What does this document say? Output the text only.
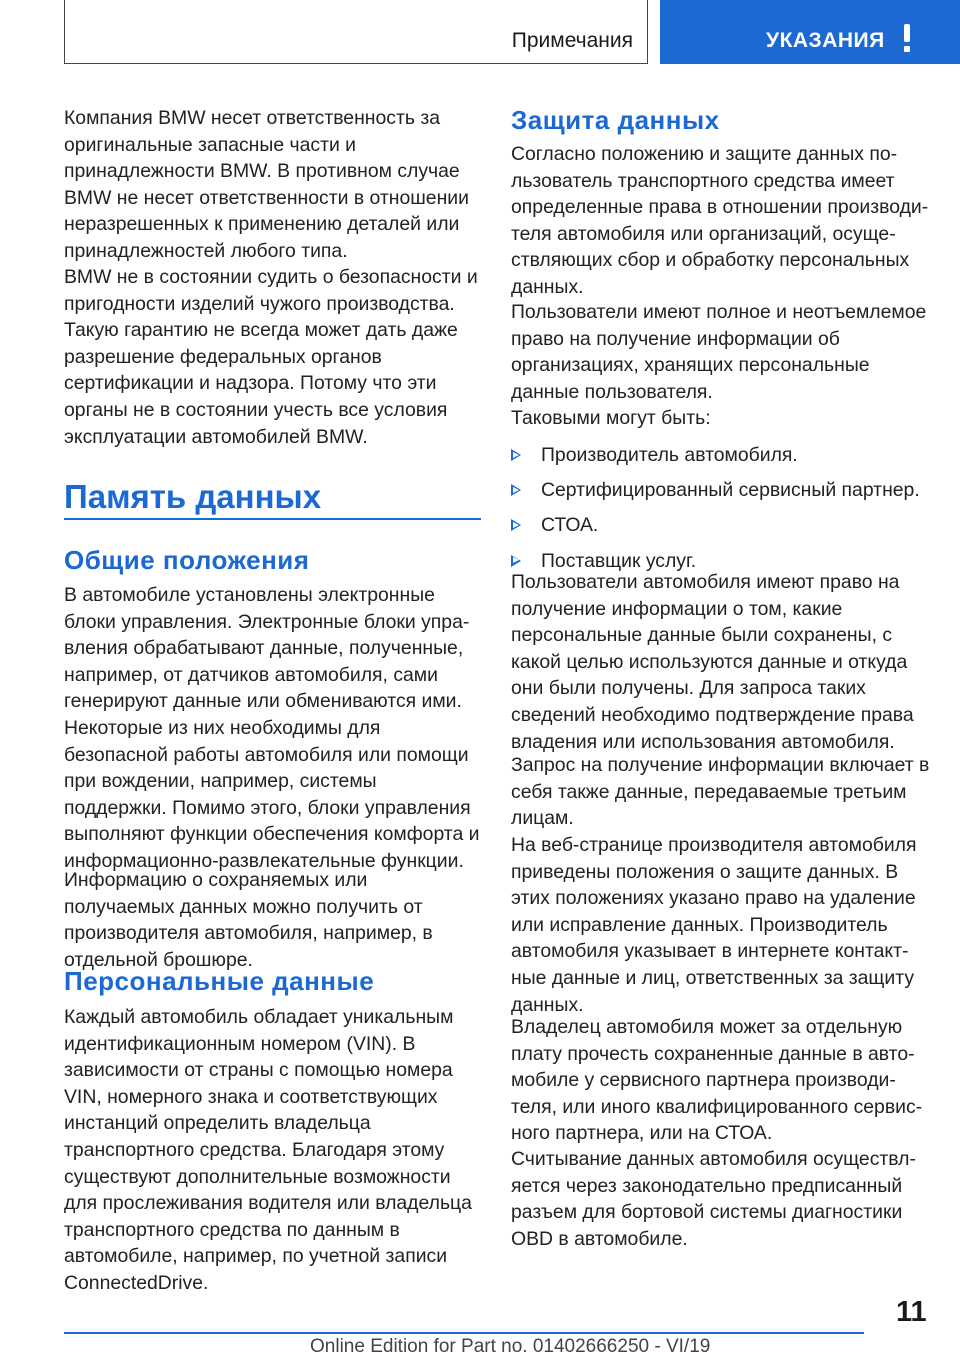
Примечания	УКАЗАНИЯ

Компания BMW несет ответственность за оригинальные запасные части и принадлежности BMW. В противном случае BMW не несет ответственности в отношении неразрешенных к применению деталей или принадлежностей любого типа.

BMW не в состоянии судить о безопасности и пригодности изделий чужого производства. Такую гарантию не всегда может дать даже разрешение федеральных органов сертификации и надзора. Потому что эти органы не в состоянии учесть все условия эксплуатации автомобилей BMW.

Память данных
Общие положения

В автомобиле установлены электронные блоки управления. Электронные блоки управления обрабатывают данные, полученные, например, от датчиков автомобиля, сами генерируют данные или обмениваются ими. Некоторые из них необходимы для безопасной работы автомобиля или помощи при вождении, например, системы поддержки. Помимо этого, блоки управления выполняют функции обеспечения комфорта и информационно-развлекательные функции.

Информацию о сохраняемых или получаемых данных можно получить от производителя автомобиля, например, в отдельной брошюре.

Персональные данные

Каждый автомобиль обладает уникальным идентификационным номером (VIN). В зависимости от страны с помощью номера VIN, номерного знака и соответствующих инстанций определить владельца транспортного средства. Благодаря этому существуют дополнительные возможности для прослеживания водителя или владельца транспортного средства по данным в автомобиле, например, по учетной записи ConnectedDrive.

Защита данных

Согласно положению и защите данных пользователь транспортного средства имеет определенные права в отношении производителя автомобиля или организаций, осуществляющих сбор и обработку персональных данных.

Пользователи имеют полное и неотъемлемое право на получение информации об организациях, хранящих персональные данные пользователя.

Таковыми могут быть:

Производитель автомобиля.
Сертифицированный сервисный партнер.
СТОА.
Поставщик услуг.

Пользователи автомобиля имеют право на получение информации о том, какие персональные данные были сохранены, с какой целью используются данные и откуда они были получены. Для запроса таких сведений необходимо подтверждение права владения или использования автомобиля.

Запрос на получение информации включает в себя также данные, передаваемые третьим лицам.

На веб-странице производителя автомобиля приведены положения о защите данных. В этих положениях указано право на удаление или исправление данных. Производитель автомобиля указывает в интернете контактные данные и лиц, ответственных за защиту данных.

Владелец автомобиля может за отдельную плату прочесть сохраненные данные в автомобиле у сервисного партнера производителя, или иного квалифицированного сервисного партнера, или на СТОА.

Считывание данных автомобиля осуществляется через законодательно предписанный разъем для бортовой системы диагностики OBD в автомобиле.

11
Online Edition for Part no. 01402666250 - VI/19
